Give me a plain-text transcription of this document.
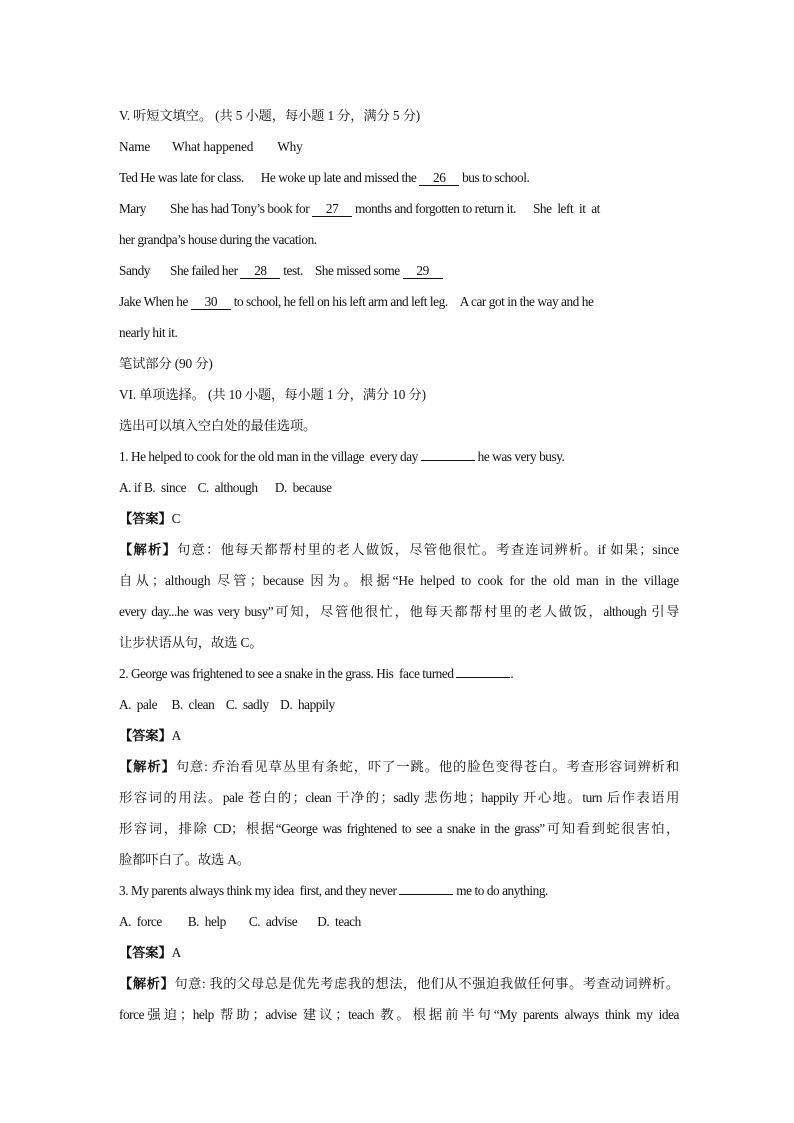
V. 听短文填空。 (共 5 小题，每小题 1 分，满分 5 分)
Name What happened Why
Ted He was late for class. He woke up late and missed the 26 bus to school.
Mary She has had Tony’s book for 27 months and forgotten to return it. She  left  it  at
her grandpa’s house during the vacation.
Sandy She failed her 28 test. She missed some 29
Jake When he 30 to school, he fell on his left arm and left leg. A car got in the way and he
nearly hit it.
笔试部分 (90 分)
VI. 单项选择。 (共 10 小题，每小题 1 分，满分 10 分)
选出可以填入空白处的最佳选项。
1. He helped to cook for the old man in the village  every day	he was very busy.
A. if B.  since    C.  although      D.  because
【答案】C
【解析】句意：他每天都帮村里的老人做饭，尽管他很忙。考查连词辨析。if 如果；since
自从；although 尽管；because 因为。根据“He helped to cook for the old man in the village
every day...he was very busy”可知，尽管他很忙，他每天都帮村里的老人做饭，although 引导
让步状语从句，故选 C。
2. George was frightened to see a snake in the grass. His  face turned	.
A.  pale     B.  clean    C.  sadly    D.  happily
【答案】A
【解析】句意: 乔治看见草丛里有条蛇，吓了一跳。他的脸色变得苍白。考查形容词辨析和
形容词的用法。pale 苍白的；clean 干净的；sadly 悲伤地；happily 开心地。turn 后作表语用
形容词，排除 CD；根据“George was frightened to see a snake in the grass”可知看到蛇很害怕，
脸都吓白了。故选 A。
3. My parents always think my idea  first, and they never	me to do anything.
A.  force         B.  help        C.  advise       D.  teach
【答案】A
【解析】句意: 我的父母总是优先考虑我的想法，他们从不强迫我做任何事。考查动词辨析。
force强迫；help 帮助；advise 建议；teach 教。根据前半句“My parents always think my idea
